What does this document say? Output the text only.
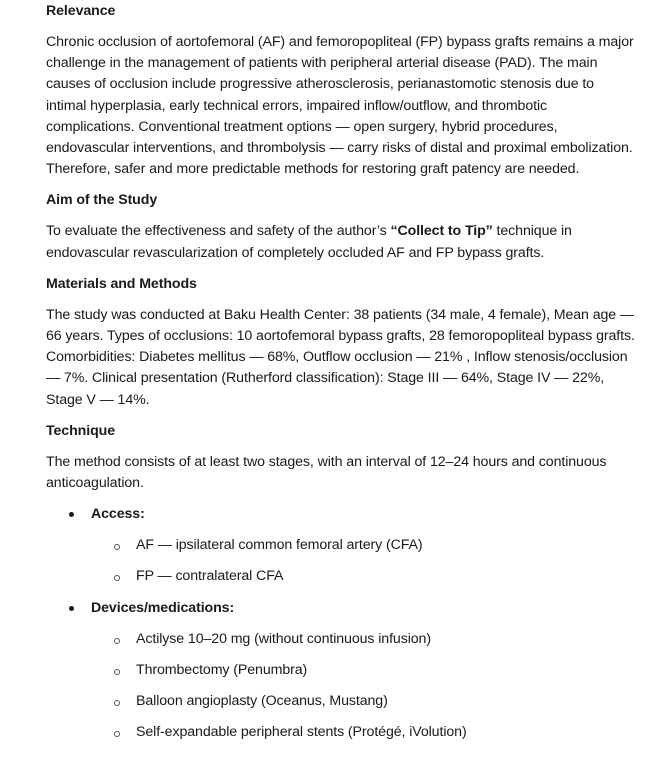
Relevance

Chronic occlusion of aortofemoral (AF) and femoropopliteal (FP) bypass grafts remains a major challenge in the management of patients with peripheral arterial disease (PAD). The main causes of occlusion include progressive atherosclerosis, perianastomotic stenosis due to intimal hyperplasia, early technical errors, impaired inflow/outflow, and thrombotic complications. Conventional treatment options — open surgery, hybrid procedures, endovascular interventions, and thrombolysis — carry risks of distal and proximal embolization. Therefore, safer and more predictable methods for restoring graft patency are needed.

Aim of the Study

To evaluate the effectiveness and safety of the author’s “Collect to Tip” technique in endovascular revascularization of completely occluded AF and FP bypass grafts.

Materials and Methods

The study was conducted at Baku Health Center: 38 patients (34 male, 4 female), Mean age — 66 years. Types of occlusions: 10 aortofemoral bypass grafts, 28 femoropopliteal bypass grafts. Comorbidities: Diabetes mellitus — 68%, Outflow occlusion — 21% , Inflow stenosis/occlusion — 7%. Clinical presentation (Rutherford classification): Stage III — 64%, Stage IV — 22%, Stage V — 14%.

Technique

The method consists of at least two stages, with an interval of 12–24 hours and continuous anticoagulation.

Access:
AF — ipsilateral common femoral artery (CFA)
FP — contralateral CFA
Devices/medications:
Actilyse 10–20 mg (without continuous infusion)
Thrombectomy (Penumbra)
Balloon angioplasty (Oceanus, Mustang)
Self-expandable peripheral stents (Protégé, iVolution)
